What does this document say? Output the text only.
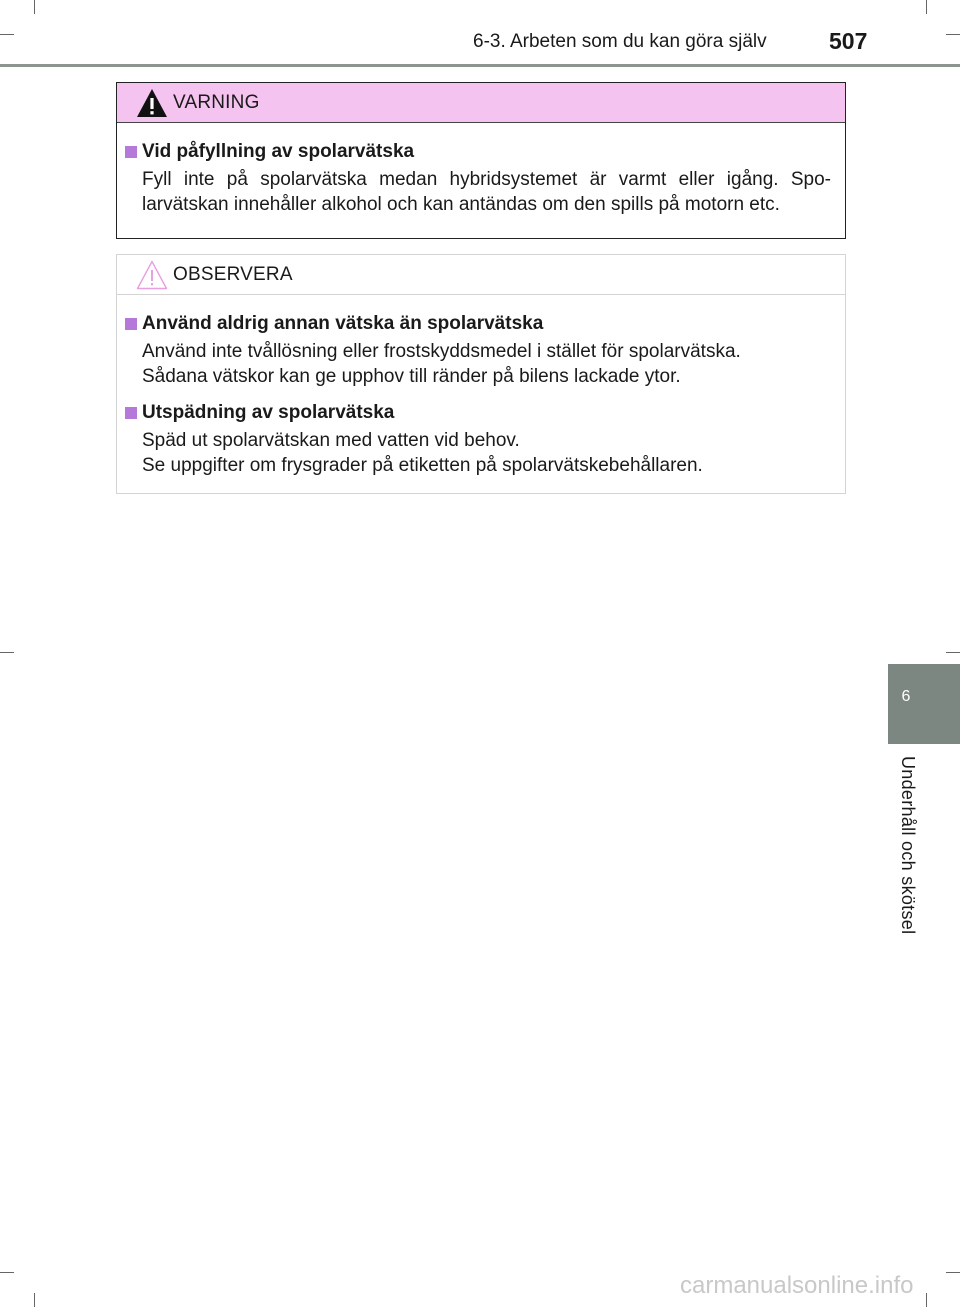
6-3. Arbeten som du kan göra själv	507
VARNING
Vid påfyllning av spolarvätska
Fyll inte på spolarvätska medan hybridsystemet är varmt eller igång. Spo-larvätskan innehåller alkohol och kan antändas om den spills på motorn etc.
OBSERVERA
Använd aldrig annan vätska än spolarvätska
Använd inte tvållösning eller frostskyddsmedel i stället för spolarvätska.
Sådana vätskor kan ge upphov till ränder på bilens lackade ytor.
Utspädning av spolarvätska
Späd ut spolarvätskan med vatten vid behov.
Se uppgifter om frysgrader på etiketten på spolarvätskebehållaren.
6
Underhåll och skötsel
carmanualsonline.info
